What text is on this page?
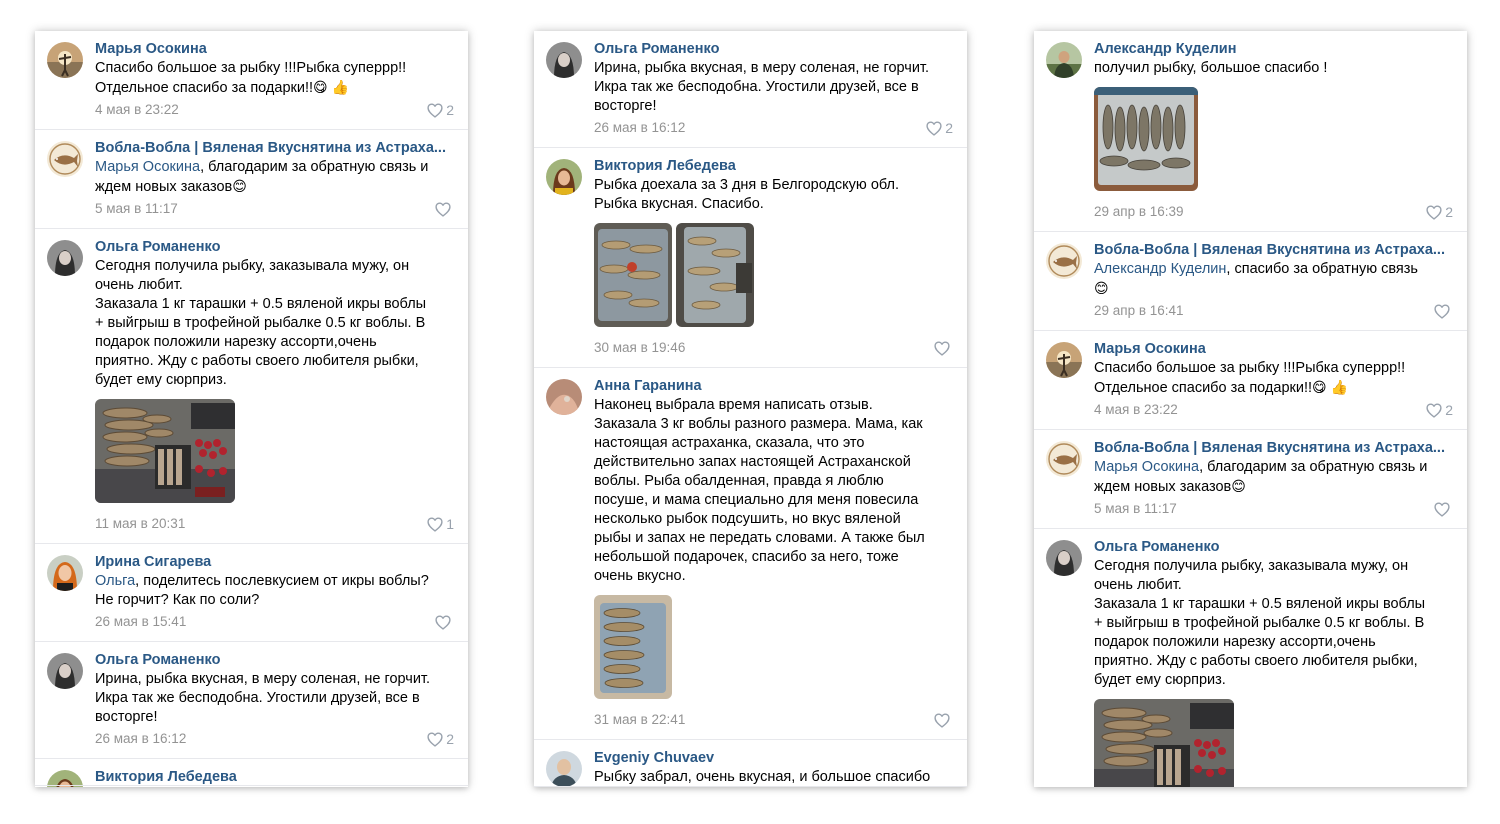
Марья Осокина

Спасибо большое за рыбку !!!Рыбка суперрр!!
Отдельное спасибо за подарки!!😋 👍

4 мая в 23:22	2
Вобла-Вобла | Вяленая Вкуснятина из Астраха...

Марья Осокина, благодарим за обратную связь и
ждем новых заказов😊

5 мая в 11:17
Ольга Романенко

Сегодня получила рыбку, заказывала мужу, он
очень любит.
Заказала 1 кг тарашки + 0.5 вяленой икры воблы
+ выйгрыш в трофейной рыбалке 0.5 кг воблы. В
подарок положили нарезку ассорти,очень
приятно. Жду с работы своего любителя рыбки,
будет ему сюрприз.

11 мая в 20:31	1
Ирина Сигарева

Ольга, поделитесь послевкусием от икры воблы?
Не горчит? Как по соли?

26 мая в 15:41
Ольга Романенко

Ирина, рыбка вкусная, в меру соленая, не горчит.
Икра так же бесподобна. Угостили друзей, все в
восторге!

26 мая в 16:12	2
Виктория Лебедева
Ольга Романенко

Ирина, рыбка вкусная, в меру соленая, не горчит.
Икра так же бесподобна. Угостили друзей, все в
восторге!

26 мая в 16:12	2
Виктория Лебедева

Рыбка доехала за 3 дня в Белгородскую обл.
Рыбка вкусная. Спасибо.

30 мая в 19:46
Анна Гаранина

Наконец выбрала время написать отзыв.
Заказала 3 кг воблы разного размера. Мама, как
настоящая астраханка, сказала, что это
действительно запах настоящей Астраханской
воблы. Рыба обалденная, правда я люблю
посуше, и мама специально для меня повесила
несколько рыбок подсушить, но вкус вяленой
рыбы и запах не передать словами. А также был
небольшой подарочек, спасибо за него, тоже
очень вкусно.

31 мая в 22:41
Evgeniy Chuvaev

Рыбку забрал, очень вкусная, и большое спасибо

Александр Куделин

получил рыбку, большое спасибо !

29 апр в 16:39	2
Вобла-Вобла | Вяленая Вкуснятина из Астраха...

Александр Куделин, спасибо за обратную связь
😊

29 апр в 16:41
Марья Осокина

Спасибо большое за рыбку !!!Рыбка суперрр!!
Отдельное спасибо за подарки!!😋 👍

4 мая в 23:22	2
Вобла-Вобла | Вяленая Вкуснятина из Астраха...

Марья Осокина, благодарим за обратную связь и
ждем новых заказов😊

5 мая в 11:17
Ольга Романенко

Сегодня получила рыбку, заказывала мужу, он
очень любит.
Заказала 1 кг тарашки + 0.5 вяленой икры воблы
+ выйгрыш в трофейной рыбалке 0.5 кг воблы. В
подарок положили нарезку ассорти,очень
приятно. Жду с работы своего любителя рыбки,
будет ему сюрприз.
